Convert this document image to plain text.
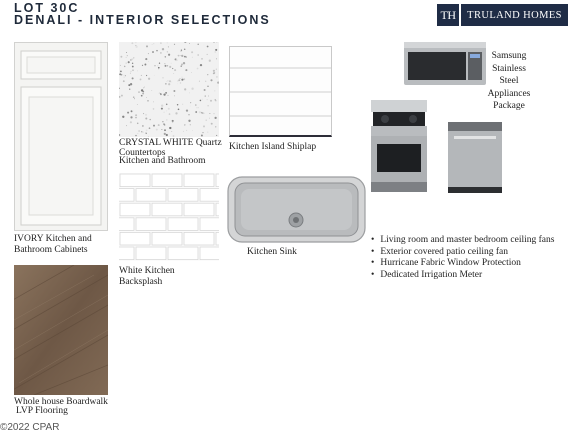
LOT 30C
DENALI - INTERIOR SELECTIONS	TH	TRULAND HOMES
IVORY Kitchen and Bathroom Cabinets
CRYSTAL WHITE Quartz
Countertops
Kitchen and Bathroom
Kitchen Island Shiplap
Samsung
Stainless
Steel
Appliances
Package
White Kitchen Backsplash
Kitchen Sink
• Living room and master bedroom ceiling fans
• Exterior covered patio ceiling fan
• Hurricane Fabric Window Protection
• Dedicated Irrigation Meter
Whole house Boardwalk
LVP Flooring
©2022 CPAR
